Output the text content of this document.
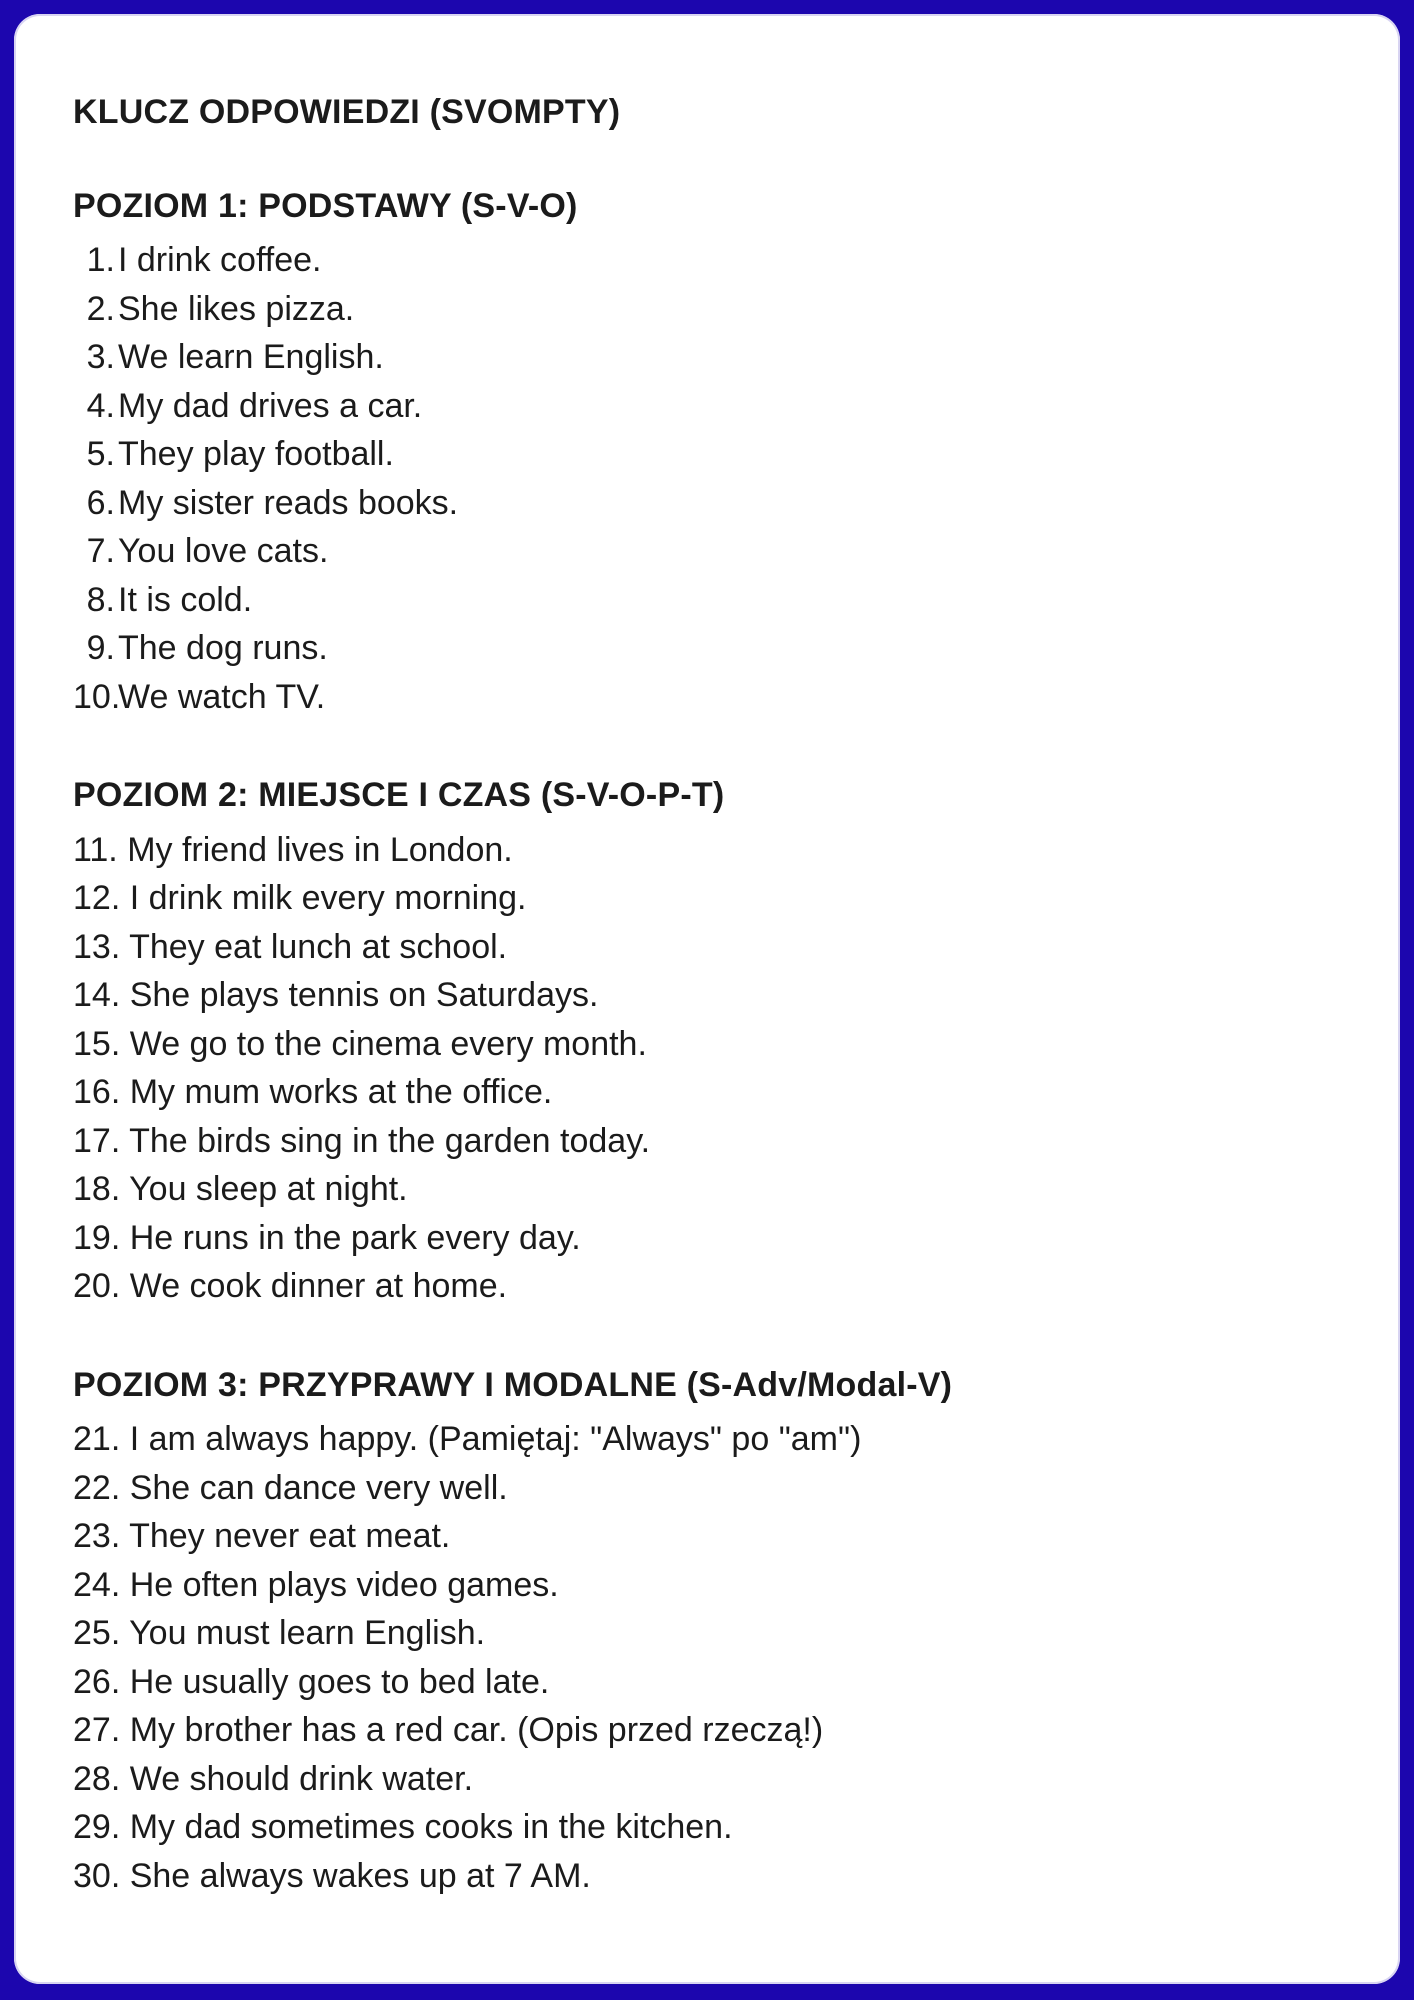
KLUCZ ODPOWIEDZI (SVOMPTY)
POZIOM 1: PODSTAWY (S-V-O)
I drink coffee.
She likes pizza.
We learn English.
My dad drives a car.
They play football.
My sister reads books.
You love cats.
It is cold.
The dog runs.
We watch TV.
POZIOM 2: MIEJSCE I CZAS (S-V-O-P-T)

11. My friend lives in London.

12. I drink milk every morning.

13. They eat lunch at school.

14. She plays tennis on Saturdays.

15. We go to the cinema every month.

16. My mum works at the office.

17. The birds sing in the garden today.

18. You sleep at night.

19. He runs in the park every day.

20. We cook dinner at home.

POZIOM 3: PRZYPRAWY I MODALNE (S-Adv/Modal-V)

21. I am always happy. (Pamiętaj: "Always" po "am")

22. She can dance very well.

23. They never eat meat.

24. He often plays video games.

25. You must learn English.

26. He usually goes to bed late.

27. My brother has a red car. (Opis przed rzeczą!)

28. We should drink water.

29. My dad sometimes cooks in the kitchen.

30. She always wakes up at 7 AM.
